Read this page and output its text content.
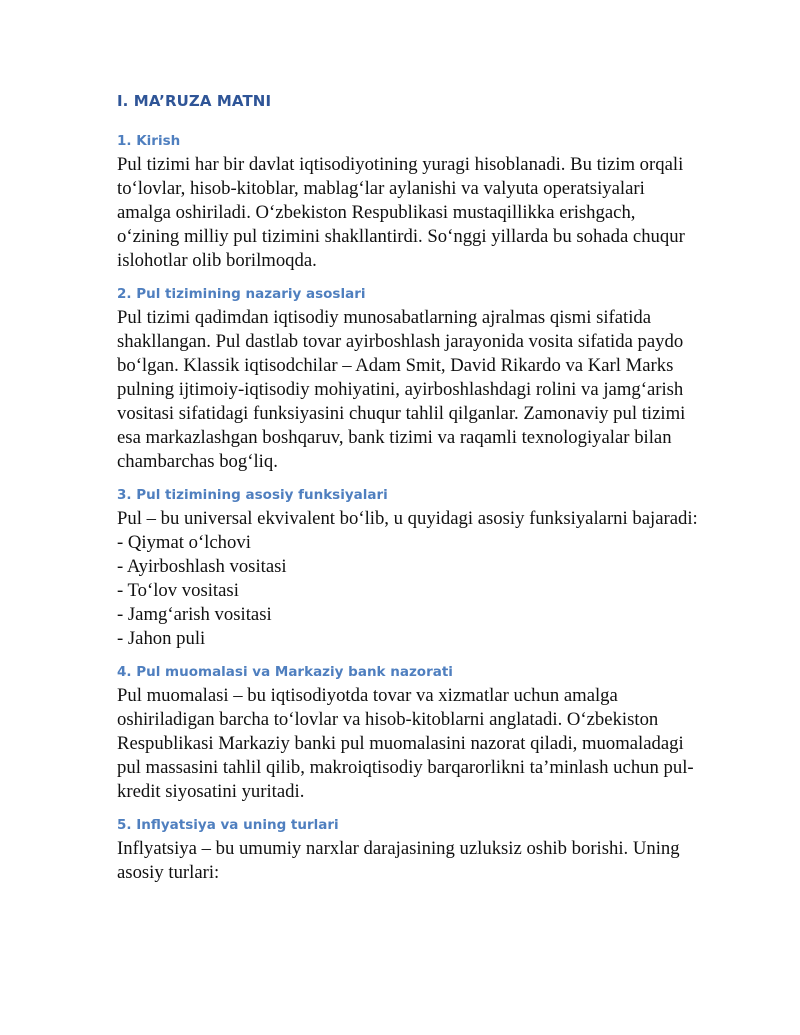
I. MA’RUZA MATNI
1. Kirish

Pul tizimi har bir davlat iqtisodiyotining yuragi hisoblanadi. Bu tizim orqali to‘lovlar, hisob-kitoblar, mablag‘lar aylanishi va valyuta operatsiyalari amalga oshiriladi. O‘zbekiston Respublikasi mustaqillikka erishgach, o‘zining milliy pul tizimini shakllantirdi. So‘nggi yillarda bu sohada chuqur islohotlar olib borilmoqda.

2. Pul tizimining nazariy asoslari

Pul tizimi qadimdan iqtisodiy munosabatlarning ajralmas qismi sifatida shakllangan. Pul dastlab tovar ayirboshlash jarayonida vosita sifatida paydo bo‘lgan. Klassik iqtisodchilar – Adam Smit, David Rikardo va Karl Marks pulning ijtimoiy-iqtisodiy mohiyatini, ayirboshlashdagi rolini va jamg‘arish vositasi sifatidagi funksiyasini chuqur tahlil qilganlar. Zamonaviy pul tizimi esa markazlashgan boshqaruv, bank tizimi va raqamli texnologiyalar bilan chambarchas bog‘liq.

3. Pul tizimining asosiy funksiyalari

Pul – bu universal ekvivalent bo‘lib, u quyidagi asosiy funksiyalarni bajaradi:

- Qiymat o‘lchovi
- Ayirboshlash vositasi
- To‘lov vositasi
- Jamg‘arish vositasi
- Jahon puli
4. Pul muomalasi va Markaziy bank nazorati

Pul muomalasi – bu iqtisodiyotda tovar va xizmatlar uchun amalga oshiriladigan barcha to‘lovlar va hisob-kitoblarni anglatadi. O‘zbekiston Respublikasi Markaziy banki pul muomalasini nazorat qiladi, muomaladagi pul massasini tahlil qilib, makroiqtisodiy barqarorlikni ta’minlash uchun pul-kredit siyosatini yuritadi.

5. Inflyatsiya va uning turlari

Inflyatsiya – bu umumiy narxlar darajasining uzluksiz oshib borishi. Uning asosiy turlari:
